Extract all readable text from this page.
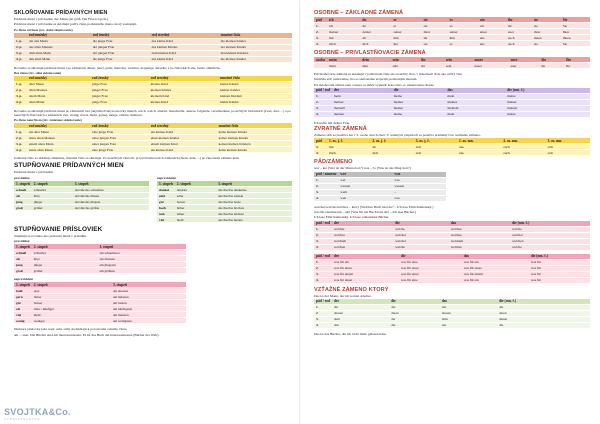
SKLOŇOVANIE PRÍDAVNÝCH MIEN

Prídavné mená v prívlastku: der Mann (ist groß, Die Frau ist groß.)

Prídavné mená v prívlastku sa skloňujú podľa člena podstatného mena, ktorý zastupujú.

Po člene určitom (tzv. slabé skloňovanie)
	rod mužský	rod ženský	rod stredný	množné číslo
1. p.	der alte Mann	die junge Frau	das kleine Kind	die kleinen Kinder
2. p.	des alten Mannes	der jungen Frau	des kleinen Kindes	der kleinen Kinder
3. p.	dem alten Mann	der jungen Frau	dem kleinen Kind	den kleinen Kindern
4. p.	den alten Mann	die junge Frau	das kleine Kind	die kleinen Kinder

Rovnako sa skloňujú prídavné mená i po zámenách dieser, jener, jeder, mancher, welcher, derjenige, derselbe a po číslovkách alle, beide, sämtliche.

Bez člena (tzv. silné skloňovanie)
	rod mužský	rod ženský	rod stredný	množné číslo
1. p.	alter Mann	junge Frau	kleines Kind	kleine Kinder
2. p.	alten Mannes	junger Frau	kleinen Kindes	kleiner Kinder
3. p.	altem Mann	junger Frau	kleinem Kind	kleinen Kindern
4. p.	alten Mann	junge Frau	kleines Kind	kleine Kinder

Rovnako sa skloňujú prídavné mená po zámenách bez (akýchkoľvek) koncovky manch, solch, welch, allerlei, mancherlei, andere, folgende, verschiedene, po určitých číslovkách (zwei, drei, ...) a po neurčitých číslovkách a zámenách viel, wenig, etwas, mehr, genug, einige, etliche, mehrere.

Po člene neurčitom (tzv. zmiešané skloňovanie)
	rod mužský	rod ženský	rod stredný	množné číslo
1. p.	ein alter Mann	eine junge Frau	ein kleines Kind	keine kleinen Kinder
2. p.	eines alten Mannes	einer jungen Frau	eines kleinen Kindes	keiner kleinen Kinder
3. p.	einem alten Mann	einer jungen Frau	einem kleinen Kind	keinen kleinen Kindern
4. p.	einen alten Mann	eine junge Frau	ein kleines Kind	keine kleinen Kinder

Jednotné číslo sa skloňuje zmiešane, množné číslo sa skloňuje. Po neurčitých členoch, pri privlastňovacích zámenách (mein, dein, ...) po zápornom zámene kein.

STUPŇOVANIE PRÍDAVNÝCH MIEN

Prídavné mená v prívlastku:

pravidelné
1. stupeň	2. stupeň	3. stupeň
schnell	schneller	der/die/das schnellste
alt	älter	der/die/das älteste
jung	jünger	der/die/das jüngste
groß	größer	der/die/das größte
nepravidelné
1. stupeň	2. stupeň	3. stupeň
dunkel	dunkler	der/die/das dunkelste
edel	edler	der/die/das edelste
gut	besser	der/die/das beste
hoch	höher	der/die/das höchste
nah	näher	der/die/das nächste
viel	mehr	der/die/das meiste
STUPŇOVANIE PRÍSLOVIEK

Stupňujú sa rovnako ako prídavné mená v prísudku.

pravidelné
1. stupeň	2. stupeň	3. stupeň
schnell	schneller	am schnellsten
alt	älter	am ältesten
jung	jünger	am jüngsten
groß	größer	am größten
nepravidelné
1. stupeň	2. stupeň	3. stupeň
bald	eher	am ehesten
gern	lieber	am liebsten
gut	besser	am besten
oft	öfter / häufiger	am häufigsten
viel	mehr	am meisten
wenig	weniger	am wenigsten

Niektoré príslovky (ako napr. sehr, still) dochádzajú k porovnaniu vetného člena.

am ... sten. Die Bücher sind am interessantesten. Es ist das Buch am interessantesten (Bücher der Welt).

SVOJTKA&Co.
VYDAVATEĽSTVO
OSOBNÉ – ZÁKLADNÉ ZÁMENÁ
pád	ich	du	er	sie	es	wir	ihr	sie	Sie
1.	ich	du	er	sie	es	wir	ihr	sie	Sie
2.	meiner	deiner	seiner	ihrer	seiner	unser	euer	ihrer	Ihrer
3.	mir	dir	ihm	ihr	ihm	uns	euch	ihnen	Ihnen
4.	mich	dich	ihn	sie	es	uns	euch	sie	Sie
OSOBNÉ – PRIVLASTŇOVACIE ZÁMENÁ
osoba	mein	dein	sein	ihr	sein	unser	euer	ihr	Ihr
	mein	dein	sein	ihr	sein	unser	euer	ihr	Ihr

Privlastňovacie zámená sa skloňujú v jednotnom čísle ako neurčitý člen, v množnom čísle ako určitý člen.

Nemôžu stáť samostatne, iba so samostatne stojacim podstatným menom.

Pri skloňovaní zámen euer a unser sa môže vypustiť koncovka -e: unsere/unsre Katze.

pád / rod	der	die	das	die (mn. č.)
1.	mein	meine	mein	meine
2.	meines	meiner	meines	meiner
3.	meinem	meiner	meinem	meinen
4.	meinen	meine	mein	meine

Ich treffe mit deiner Frau.

ZVRATNÉ ZÁMENÁ

Zámeno sich sa používa len v 3. osobe oboch čísel. V ostatných prípadoch sa používa príslušný tvar osobného zámena.

pád	1. os. j. č.	2. os. j. č.	3. os. j. č.	1. os. mn.	2. os. mn.	3. os. mn.
3.	mir	dir	sich	uns	euch	sich
4.	mich	dich	sich	uns	euch	sich
PÁD/ZÁMENO

wer – kto (Wer ist der Mann dort?) was – čo (Was ist das Ding dort?)

pád / zámeno	wer	was
1.	wer	was
2.	wessen	wessen
3.	wem	–
4.	wen	was

welcher/welche/welches – ktorý (Welches Buch hast du? – Ich lese Emil Kamenský.)

was für ein/eine/ein – aký (Was für ein Buch hast du? – Ich lese Bücher.)

Ich lese Emil Kamenský. Ich lese romantické Bücher.

pád / rod	der	die	das	die (mn. č.)
1.	welcher	welche	welches	welche
2.	welches	welcher	welches	welcher
3.	welchem	welcher	welchem	welchen
4.	welchen	welche	welches	welche
pád / rod	der	die	das	die (mn. č.)
1.	was für ein	was für eine	was für ein	was für
2.	was für eines	was für einer	was für eines	was für
3.	was für einem	was für einer	was für einem	was für
4.	was für einen	was für eine	was für ein	was für
VZŤAŽNÉ ZÁMENO KTORÝ

Das ist der Mann, der im Garten arbeitet.

pád / rod	der	die	das	die (mn. č.)
1.	der	die	das	die
2.	dessen	deren	dessen	deren
3.	dem	der	dem	denen
4.	den	die	das	die

Das ist das Bücher, die ich nicht mehr gelesen habe.
